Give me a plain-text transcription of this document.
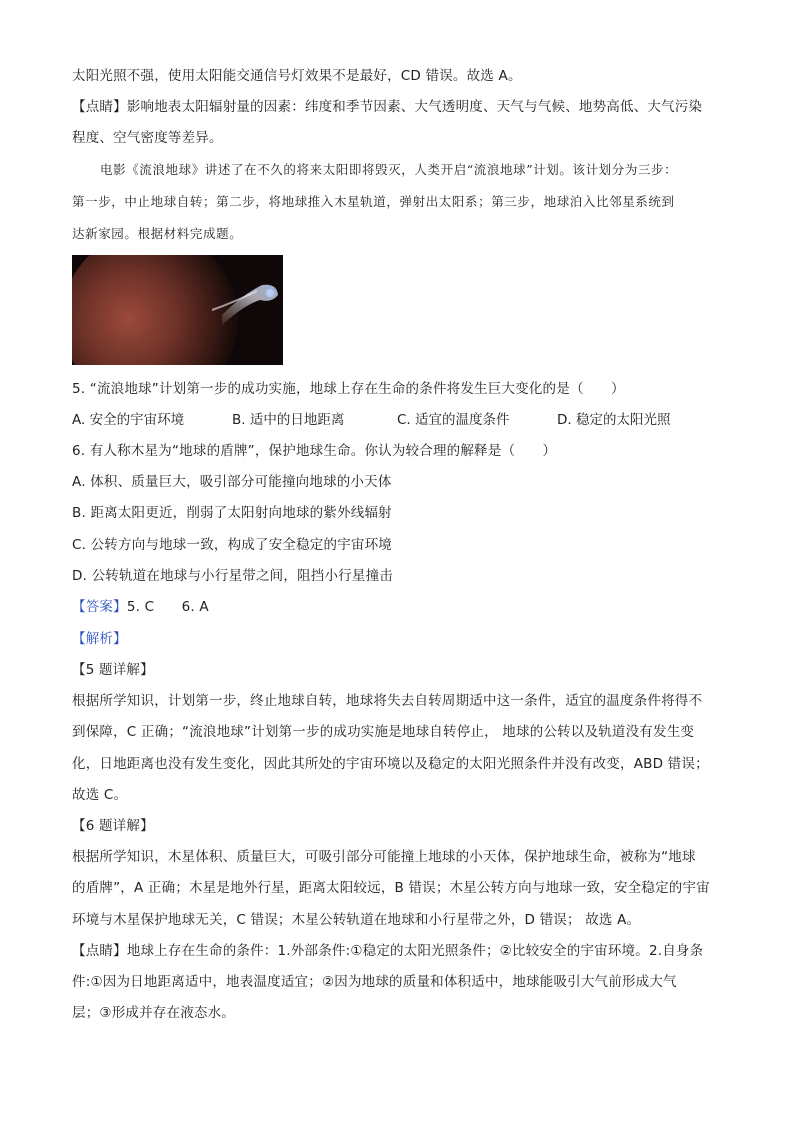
太阳光照不强，使用太阳能交通信号灯效果不是最好，CD 错误。故选 A。
【点睛】影响地表太阳辐射量的因素：纬度和季节因素、大气透明度、天气与气候、地势高低、大气污染
程度、空气密度等差异。
电影《流浪地球》讲述了在不久的将来太阳即将毁灭，人类开启“流浪地球”计划。该计划分为三步：
第一步，中止地球自转；第二步，将地球推入木星轨道，弹射出太阳系；第三步，地球泊入比邻星系统到
达新家园。根据材料完成题。
5. “流浪地球”计划第一步的成功实施，地球上存在生命的条件将发生巨大变化的是（　　）
A. 安全的宇宙环境	B. 适中的日地距离	C. 适宜的温度条件	D. 稳定的太阳光照
6. 有人称木星为“地球的盾牌”，保护地球生命。你认为较合理的解释是（　　）
A. 体积、质量巨大，吸引部分可能撞向地球的小天体
B. 距离太阳更近，削弱了太阳射向地球的紫外线辐射
C. 公转方向与地球一致，构成了安全稳定的宇宙环境
D. 公转轨道在地球与小行星带之间，阻挡小行星撞击
【答案】5. C　　6. A
【解析】
【5 题详解】
根据所学知识，计划第一步，终止地球自转，地球将失去自转周期适中这一条件，适宜的温度条件将得不
到保障，C 正确；“流浪地球”计划第一步的成功实施是地球自转停止， 地球的公转以及轨道没有发生变
化，日地距离也没有发生变化，因此其所处的宇宙环境以及稳定的太阳光照条件并没有改变，ABD 错误；
故选 C。
【6 题详解】
根据所学知识，木星体积、质量巨大，可吸引部分可能撞上地球的小天体，保护地球生命，被称为“地球
的盾牌”，A 正确；木星是地外行星，距离太阳较远，B 错误；木星公转方向与地球一致，安全稳定的宇宙
环境与木星保护地球无关，C 错误；木星公转轨道在地球和小行星带之外，D 错误； 故选 A。
【点睛】地球上存在生命的条件：1.外部条件:①稳定的太阳光照条件；②比较安全的宇宙环境。2.自身条
件:①因为日地距离适中，地表温度适宜；②因为地球的质量和体积适中，地球能吸引大气前形成大气
层；③形成并存在液态水。
